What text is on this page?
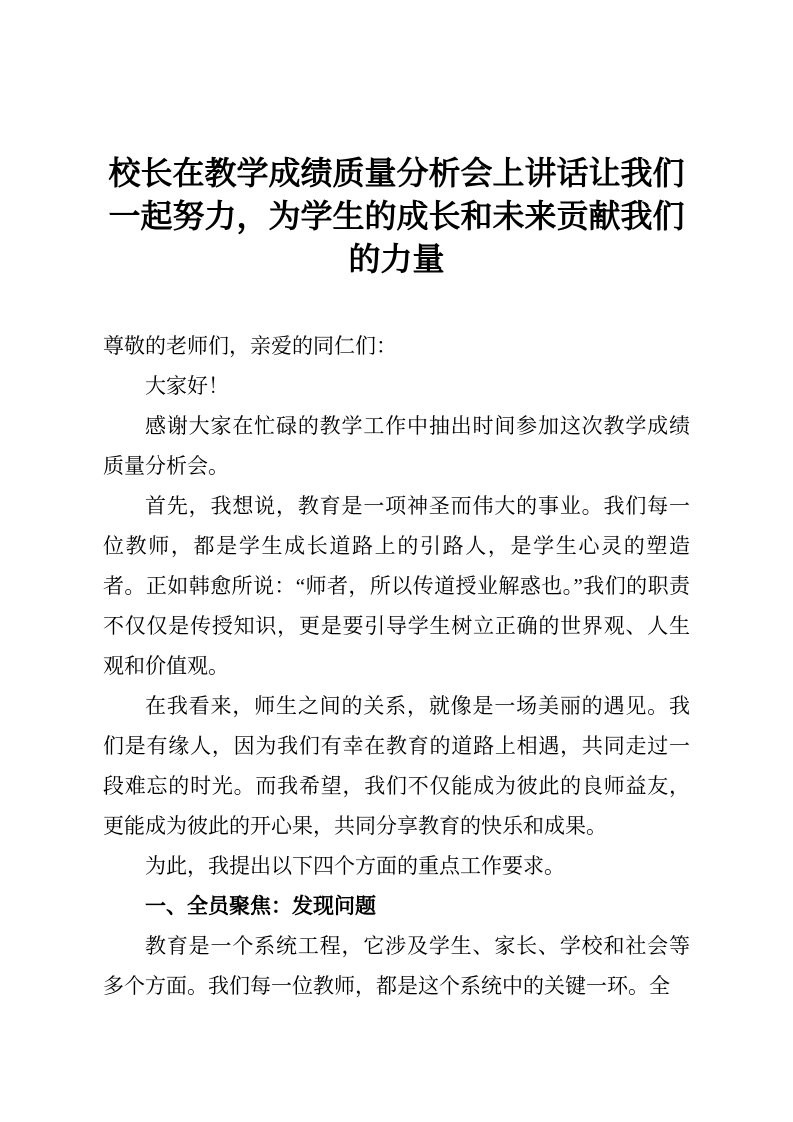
校长在教学成绩质量分析会上讲话让我们一起努力，为学生的成长和未来贡献我们的力量

尊敬的老师们，亲爱的同仁们：

大家好！

感谢大家在忙碌的教学工作中抽出时间参加这次教学成绩质量分析会。

首先，我想说，教育是一项神圣而伟大的事业。我们每一位教师，都是学生成长道路上的引路人，是学生心灵的塑造者。正如韩愈所说：“师者，所以传道授业解惑也。”我们的职责不仅仅是传授知识，更是要引导学生树立正确的世界观、人生观和价值观。

在我看来，师生之间的关系，就像是一场美丽的遇见。我们是有缘人，因为我们有幸在教育的道路上相遇，共同走过一段难忘的时光。而我希望，我们不仅能成为彼此的良师益友，更能成为彼此的开心果，共同分享教育的快乐和成果。

为此，我提出以下四个方面的重点工作要求。

一、全员聚焦：发现问题

教育是一个系统工程，它涉及学生、家长、学校和社会等多个方面。我们每一位教师，都是这个系统中的关键一环。全
